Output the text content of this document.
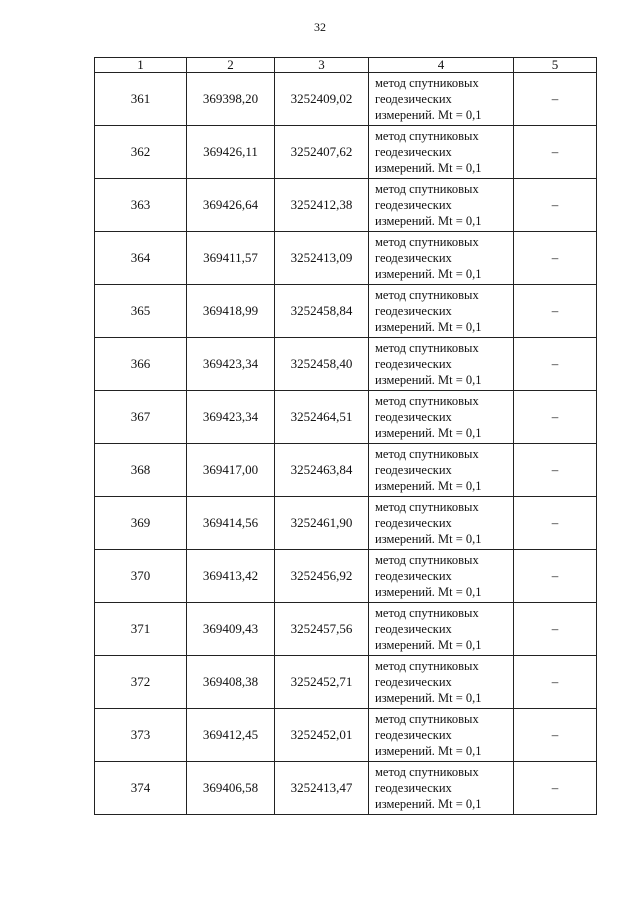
32
1	2	3	4	5
361	369398,20	3252409,02	метод спутниковых
геодезических
измерений. Mt = 0,1	–
362	369426,11	3252407,62	метод спутниковых
геодезических
измерений. Mt = 0,1	–
363	369426,64	3252412,38	метод спутниковых
геодезических
измерений. Mt = 0,1	–
364	369411,57	3252413,09	метод спутниковых
геодезических
измерений. Mt = 0,1	–
365	369418,99	3252458,84	метод спутниковых
геодезических
измерений. Mt = 0,1	–
366	369423,34	3252458,40	метод спутниковых
геодезических
измерений. Mt = 0,1	–
367	369423,34	3252464,51	метод спутниковых
геодезических
измерений. Mt = 0,1	–
368	369417,00	3252463,84	метод спутниковых
геодезических
измерений. Mt = 0,1	–
369	369414,56	3252461,90	метод спутниковых
геодезических
измерений. Mt = 0,1	–
370	369413,42	3252456,92	метод спутниковых
геодезических
измерений. Mt = 0,1	–
371	369409,43	3252457,56	метод спутниковых
геодезических
измерений. Mt = 0,1	–
372	369408,38	3252452,71	метод спутниковых
геодезических
измерений. Mt = 0,1	–
373	369412,45	3252452,01	метод спутниковых
геодезических
измерений. Mt = 0,1	–
374	369406,58	3252413,47	метод спутниковых
геодезических
измерений. Mt = 0,1	–
